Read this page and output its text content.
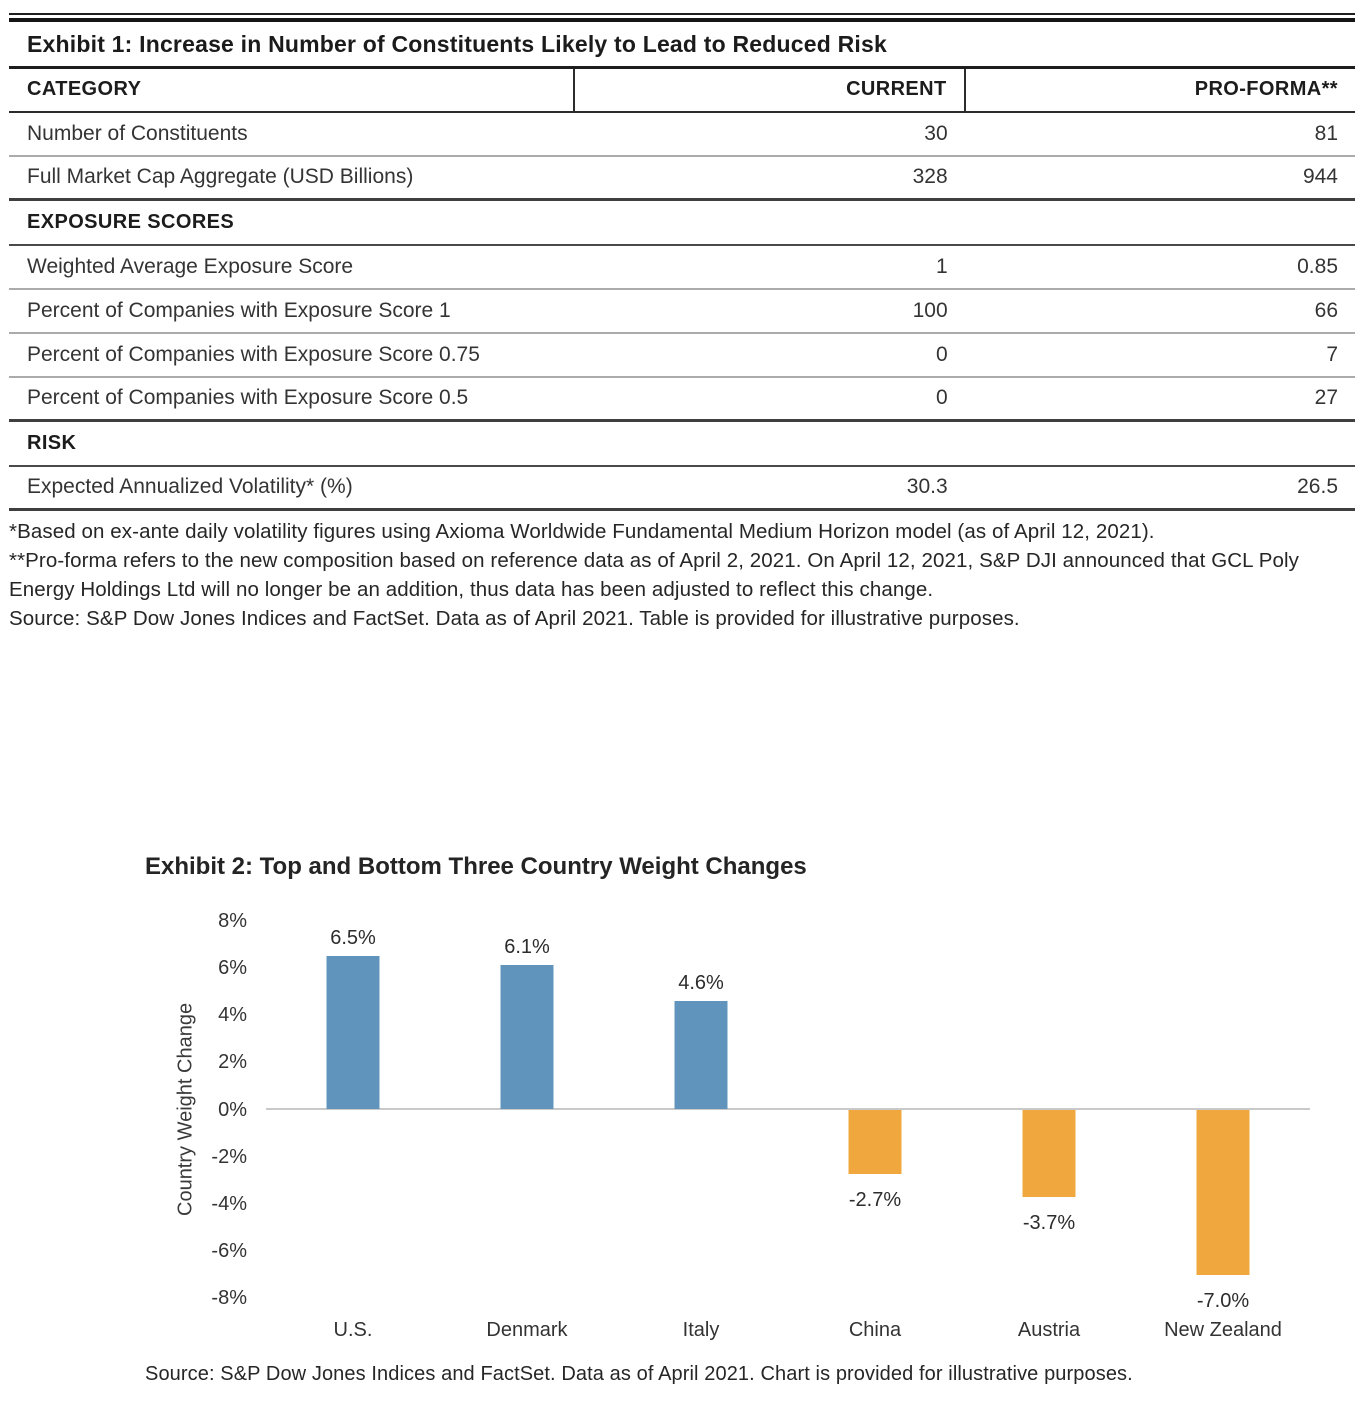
Exhibit 1: Increase in Number of Constituents Likely to Lead to Reduced Risk
CATEGORY	CURRENT	PRO-FORMA**
Number of Constituents	30	81
Full Market Cap Aggregate (USD Billions)	328	944
EXPOSURE SCORES		
Weighted Average Exposure Score	1	0.85
Percent of Companies with Exposure Score 1	100	66
Percent of Companies with Exposure Score 0.75	0	7
Percent of Companies with Exposure Score 0.5	0	27
RISK		
Expected Annualized Volatility* (%)	30.3	26.5

*Based on ex-ante daily volatility figures using Axioma Worldwide Fundamental Medium Horizon model (as of April 12, 2021).

**Pro-forma refers to the new composition based on reference data as of April 2, 2021. On April 12, 2021, S&P DJI announced that GCL Poly Energy Holdings Ltd will no longer be an addition, thus data has been adjusted to reflect this change.

Source: S&P Dow Jones Indices and FactSet. Data as of April 2021. Table is provided for illustrative purposes.

Exhibit 2: Top and Bottom Three Country Weight Changes
Country Weight Change
8%
6%
4%
2%
0%
-2%
-4%
-6%
-8%
6.5%
U.S.
6.1%
Denmark
4.6%
Italy
-2.7%
China
-3.7%
Austria
-7.0%
New Zealand
Source: S&P Dow Jones Indices and FactSet. Data as of April 2021. Chart is provided for illustrative purposes.
